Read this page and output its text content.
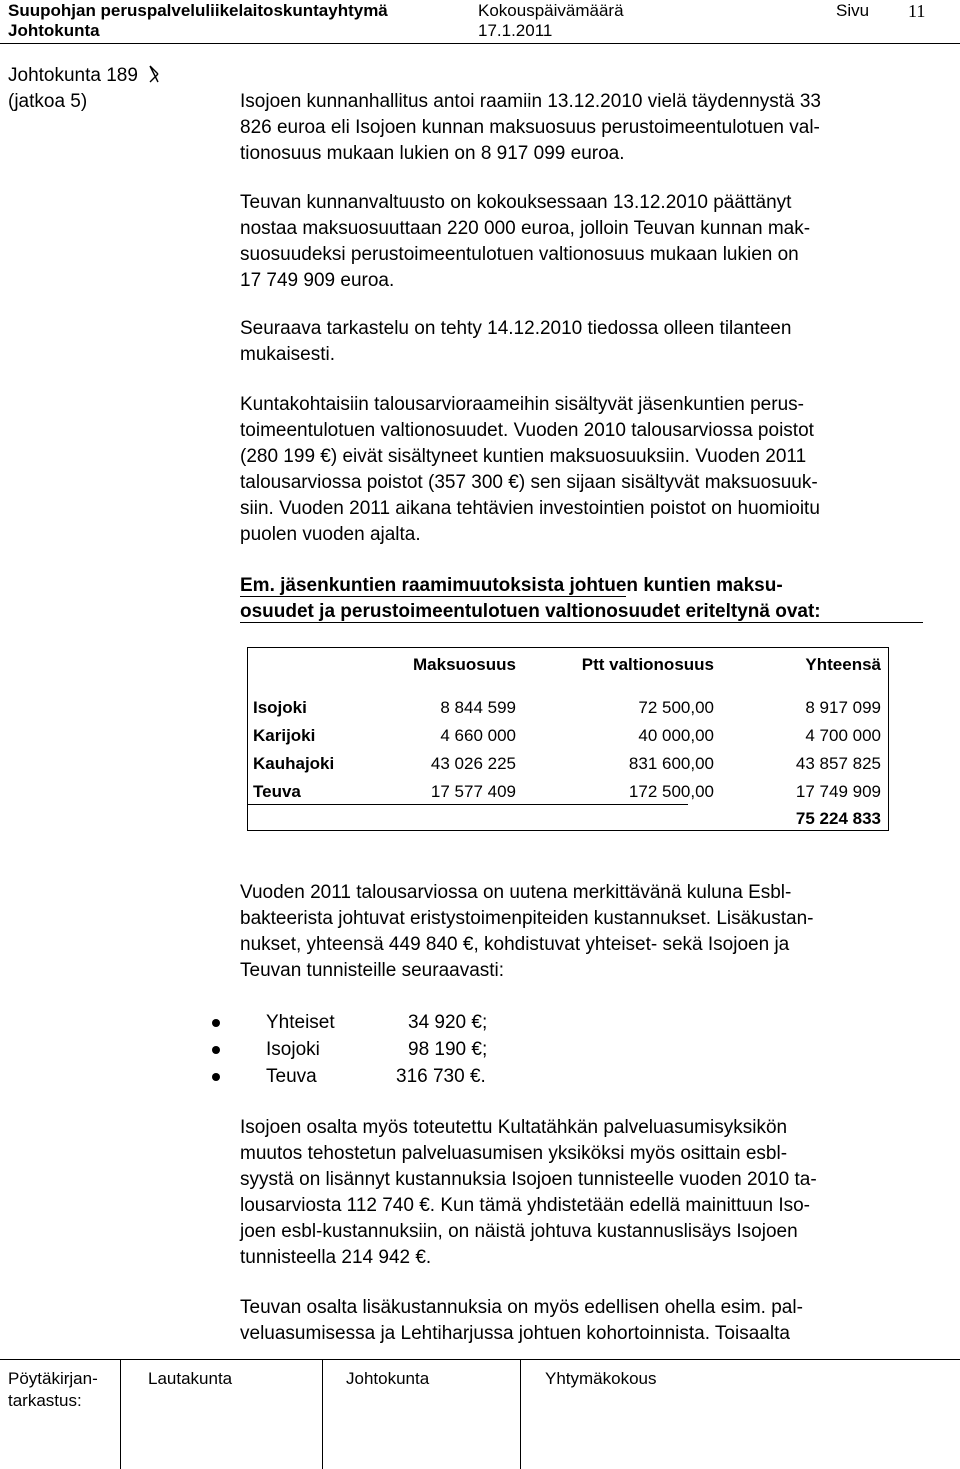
Suupohjan peruspalveluliikelaitoskuntayhtymä
Johtokunta
Kokouspäivämäärä
17.1.2011
Sivu 11
Johtokunta 189
(jatkoa 5)	Isojoen kunnanhallitus antoi raamiin 13.12.2010 vielä täydennystä 33
826 euroa eli Isojoen kunnan maksuosuus perustoimeentulotuen val-
tionosuus mukaan lukien on 8 917 099 euroa.
Teuvan kunnanvaltuusto on kokouksessaan 13.12.2010 päättänyt
nostaa maksuosuuttaan 220 000 euroa, jolloin Teuvan kunnan mak-
suosuudeksi perustoimeentulotuen valtionosuus mukaan lukien on
17 749 909 euroa.
Seuraava tarkastelu on tehty 14.12.2010 tiedossa olleen tilanteen
mukaisesti.
Kuntakohtaisiin talousarvioraameihin sisältyvät jäsenkuntien perus-
toimeentulotuen valtionosuudet. Vuoden 2010 talousarviossa poistot
(280 199 €) eivät sisältyneet kuntien maksuosuuksiin. Vuoden 2011
talousarviossa poistot (357 300 €) sen sijaan sisältyvät maksuosuuk-
siin. Vuoden 2011 aikana tehtävien investointien poistot on huomioitu
puolen vuoden ajalta.
Em. jäsenkuntien raamimuutoksista johtuen kuntien maksu-
osuudet ja perustoimeentulotuen valtionosuudet eriteltynä ovat:
Maksuosuus	Ptt valtionosuus	Yhteensä
Isojoki	8 844 599	72 500,00	8 917 099
Karijoki	4 660 000	40 000,00	4 700 000
Kauhajoki	43 026 225	831 600,00	43 857 825
Teuva	17 577 409	172 500,00	17 749 909
75 224 833
Vuoden 2011 talousarviossa on uutena merkittävänä kuluna Esbl-
bakteerista johtuvat eristystoimenpiteiden kustannukset. Lisäkustan-
nukset, yhteensä 449 840 €, kohdistuvat yhteiset- sekä Isojoen ja
Teuvan tunnisteille seuraavasti:
Yhteiset	34 920 €;
Isojoki	98 190 €;
Teuva	316 730 €.
Isojoen osalta myös toteutettu Kultatähkän palveluasumisyksikön
muutos tehostetun palveluasumisen yksiköksi myös osittain esbl-
syystä on lisännyt kustannuksia Isojoen tunnisteelle vuoden 2010 ta-
lousarviosta 112 740 €. Kun tämä yhdistetään edellä mainittuun Iso-
joen esbl-kustannuksiin, on näistä johtuva kustannuslisäys Isojoen
tunnisteella 214 942 €.
Teuvan osalta lisäkustannuksia on myös edellisen ohella esim. pal-
veluasumisessa ja Lehtiharjussa johtuen kohortoinnista. Toisaalta
Pöytäkirjan-
tarkastus:
Lautakunta	Johtokunta	Yhtymäkokous
